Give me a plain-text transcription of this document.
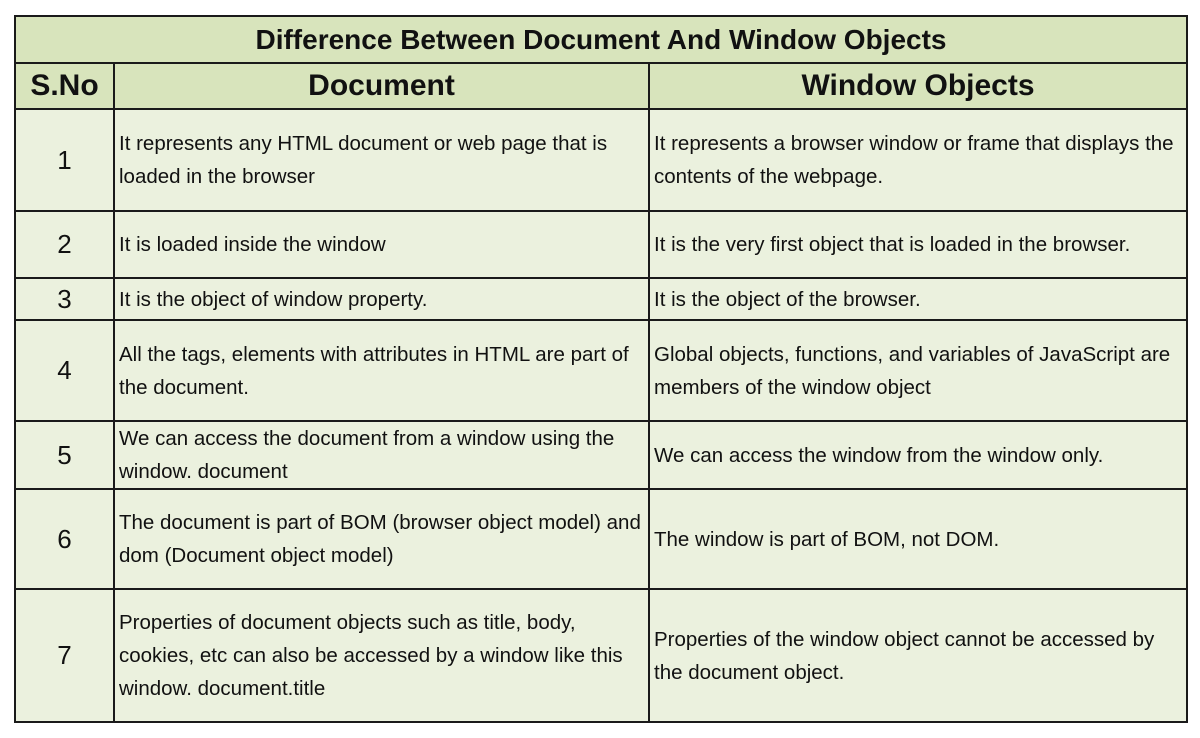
Difference Between Document And Window Objects		
S.No	Document	Window Objects
1	It represents any HTML document or web page that is loaded in the browser	It represents a browser window or frame that displays the contents of the webpage.
2	It is loaded inside the window	It is the very first object that is loaded in the browser.
3	It is the object of window property.	It is the object of the browser.
4	All the tags, elements with attributes in HTML are part of the document.	Global objects, functions, and variables of JavaScript are members of the window object
5	We can access the document from a window using the window. document	We can access the window from the window only.
6	The document is part of BOM (browser object model) and dom (Document object model)	The window is part of BOM, not DOM.
7	Properties of document objects such as title, body, cookies, etc can also be accessed by a window like this window. document.title	Properties of the window object cannot be accessed by the document object.
